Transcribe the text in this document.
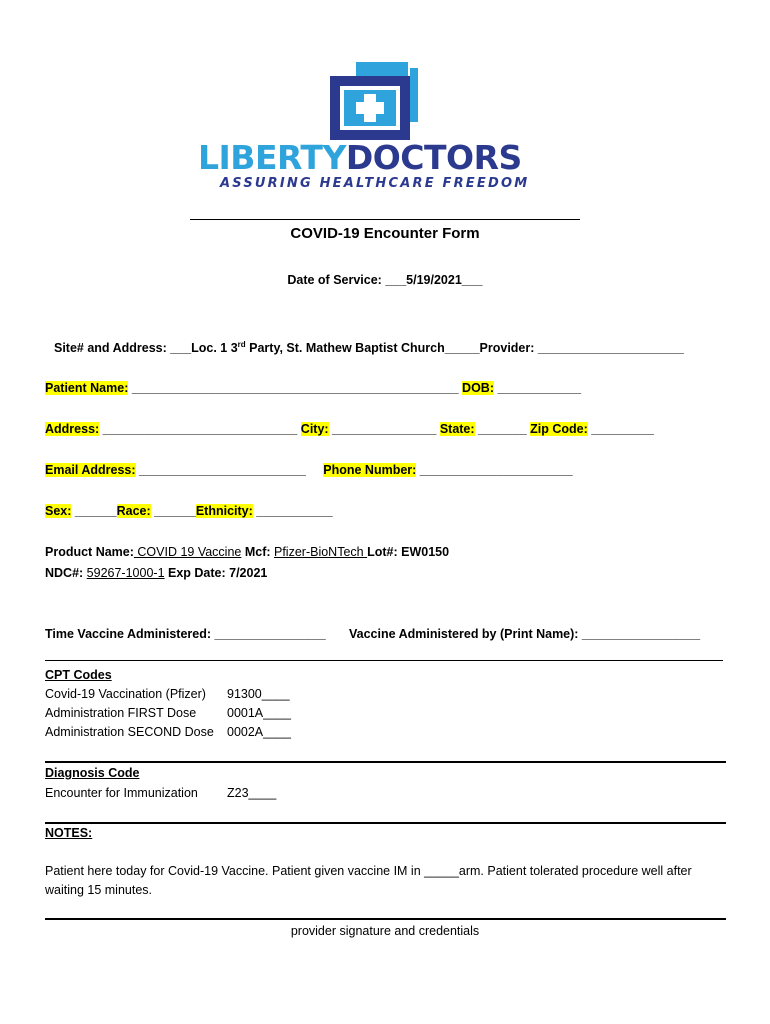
LIBERTYDOCTORS
ASSURING HEALTHCARE FREEDOM
COVID-19 Encounter Form
Date of Service: ___5/19/2021___
Site# and Address: ___Loc. 1 3rd Party, St. Mathew Baptist Church_____Provider: _____________________
Patient Name: _______________________________________________ DOB: ____________
Address: ____________________________ City: _______________ State: _______ Zip Code: _________
Email Address: ________________________     Phone Number: ______________________
Sex: ______Race: ______Ethnicity: ___________
Product Name: COVID 19 Vaccine Mcf: Pfizer-BioNTech Lot#: EW0150
NDC#: 59267-1000-1 Exp Date: 7/2021
Time Vaccine Administered: ________________ Vaccine Administered by (Print Name): _________________
CPT Codes
Covid-19 Vaccination (Pfizer) 91300____
Administration FIRST Dose 0001A____
Administration SECOND Dose 0002A____
Diagnosis Code
Encounter for Immunization Z23____
NOTES:
Patient here today for Covid-19 Vaccine. Patient given vaccine IM in _____arm. Patient tolerated procedure well after
waiting 15 minutes.
provider signature and credentials
